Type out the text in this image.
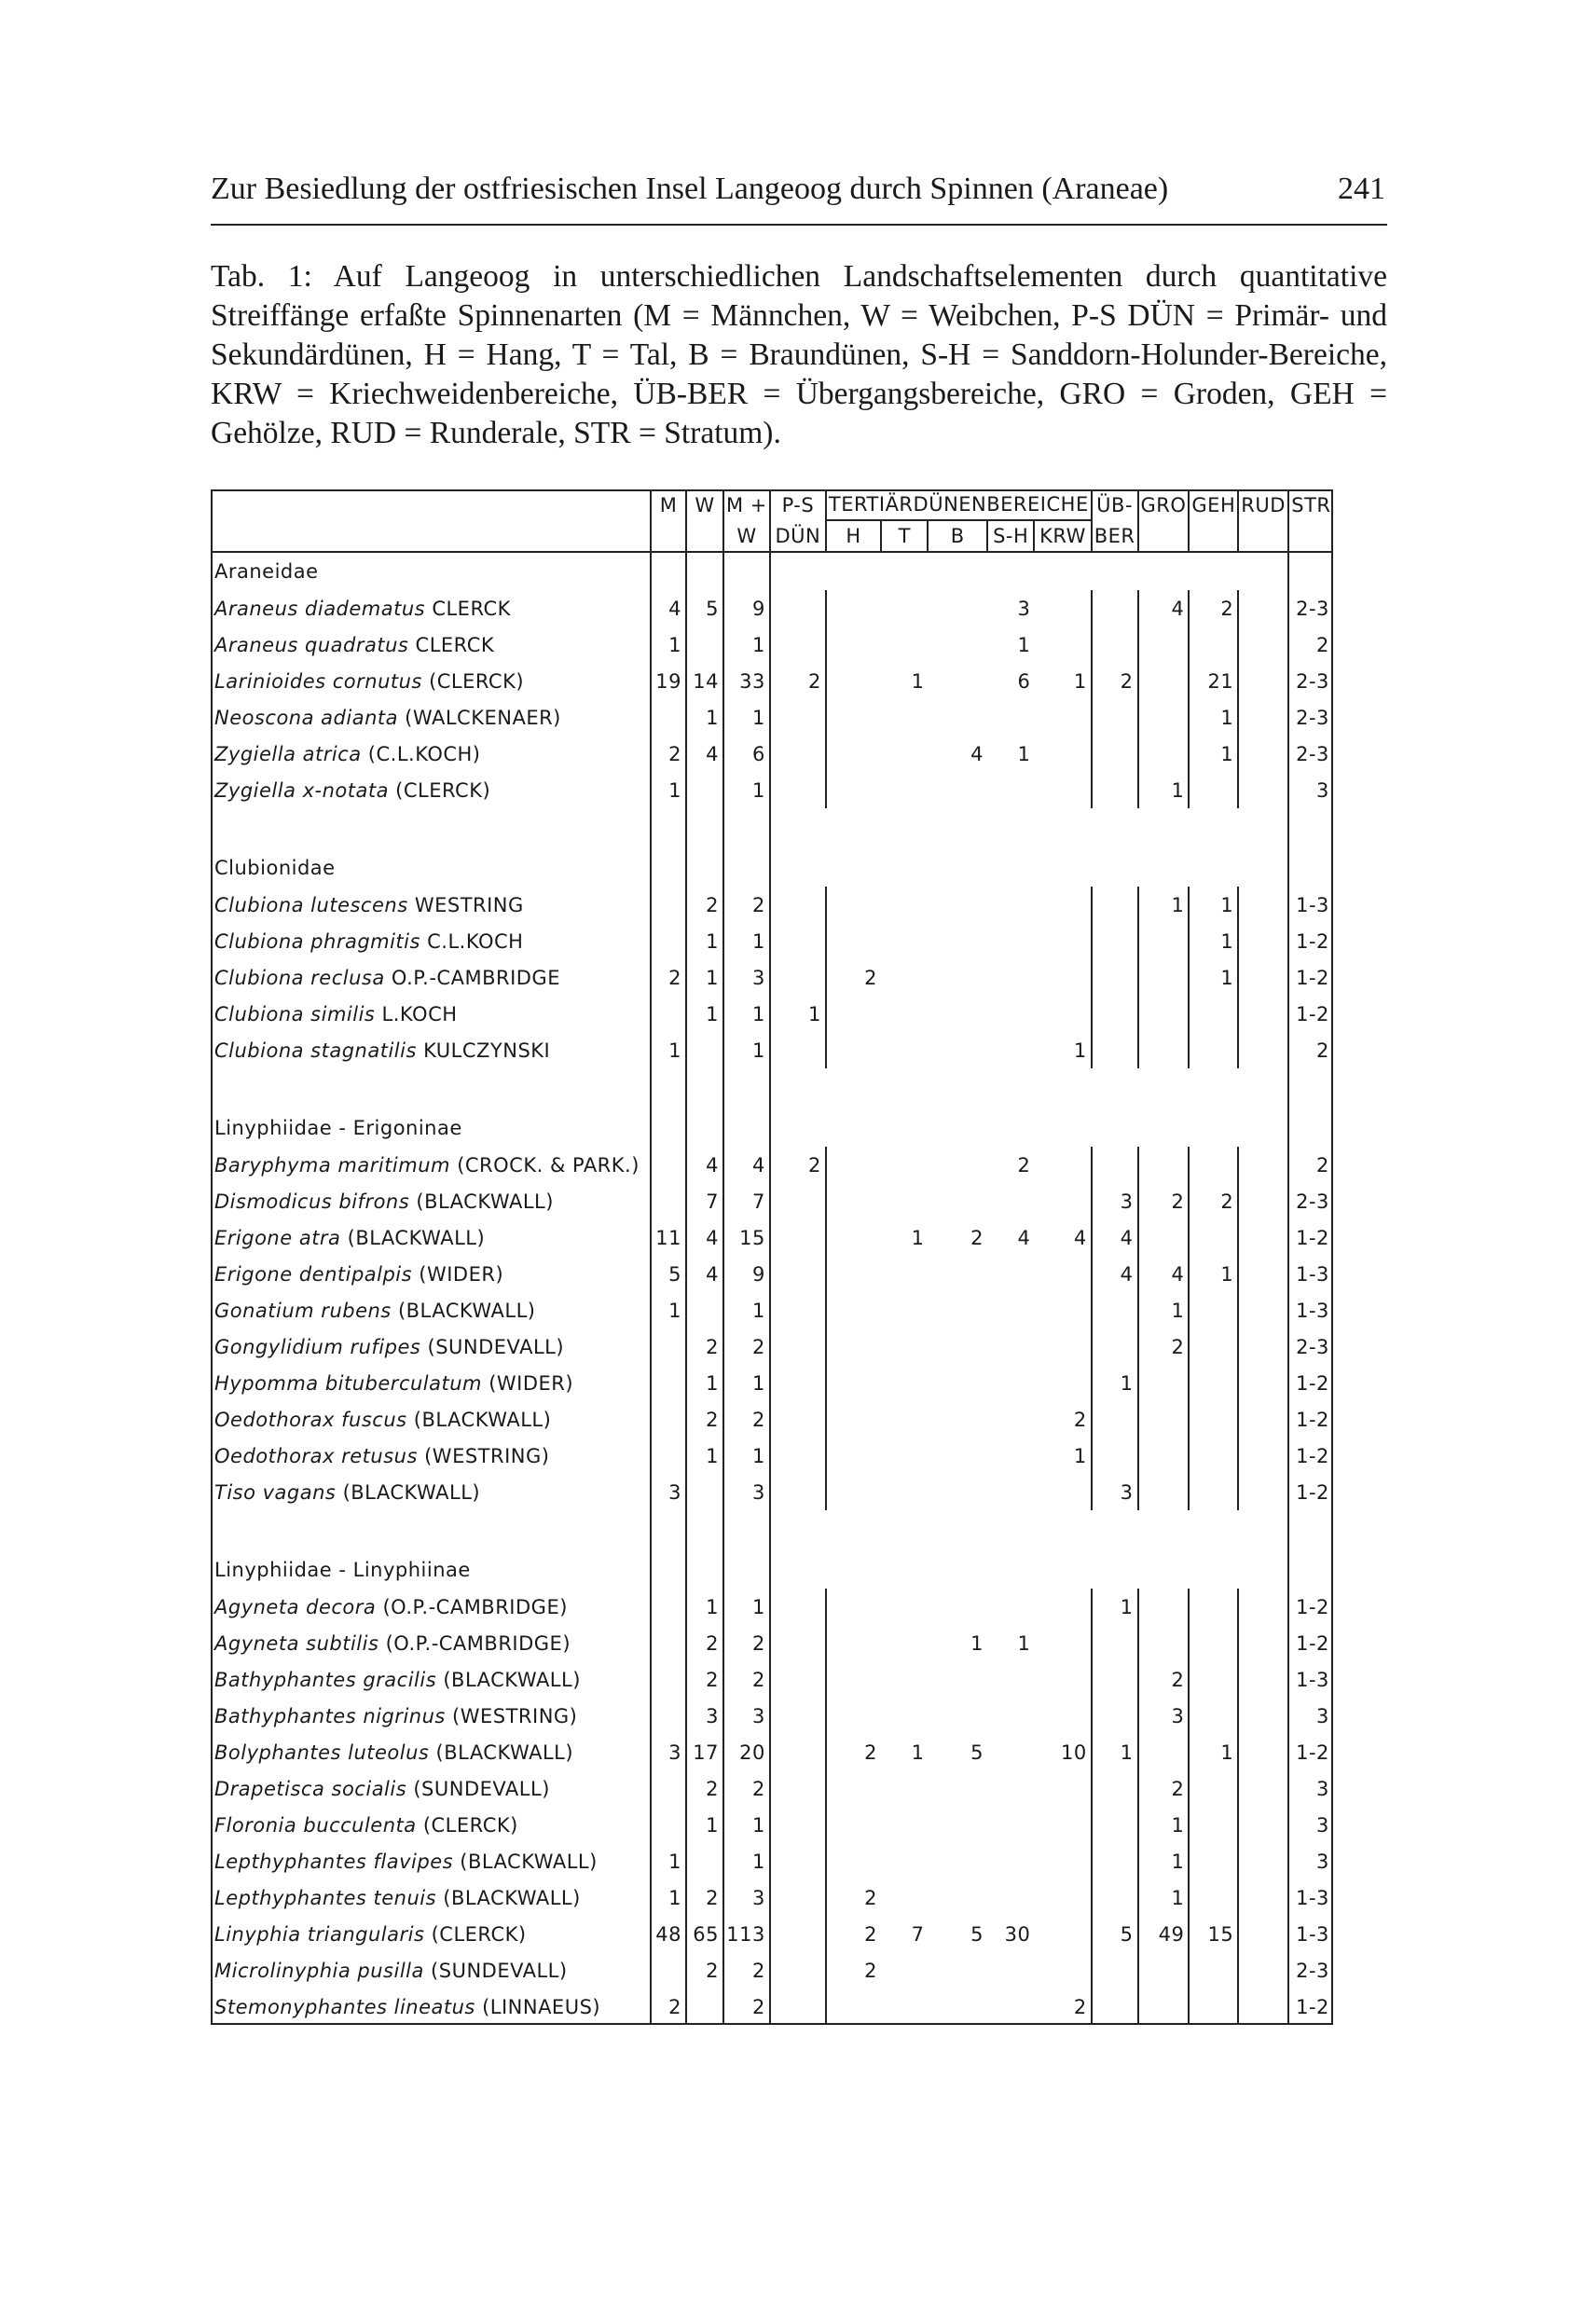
Zur Besiedlung der ostfriesischen Insel Langeoog durch Spinnen (Araneae)	241
Tab. 1: Auf Langeoog in unterschiedlichen Landschaftselementen durch quantitative Streiffänge erfaßte Spinnenarten (M = Männchen, W = Weibchen, P-S DÜN = Primär- und Sekundärdünen, H = Hang, T = Tal, B = Braundünen, S-H = Sanddorn-Holunder-Bereiche, KRW = Kriechweidenbereiche, ÜB-BER = Übergangsbereiche, GRO = Groden, GEH = Gehölze, RUD = Runderale, STR = Stratum).
	M	W	M +	P-S	TERTIÄRDÜNENBEREICHE					ÜB-	GRO	GEH	RUD	STR
			W	DÜN	H	T	B	S-H	KRW	BER				
Araneidae														
Araneus diadematus CLERCK	4	5	9					3			4	2		2-3
Araneus quadratus CLERCK	1		1					1						2
Larinioides cornutus (CLERCK)	19	14	33	2		1		6	1	2		21		2-3
Neoscona adianta (WALCKENAER)		1	1									1		2-3
Zygiella atrica (C.L.KOCH)	2	4	6				4	1				1		2-3
Zygiella x-notata (CLERCK)	1		1								1			3

Clubionidae														
Clubiona lutescens WESTRING		2	2								1	1		1-3
Clubiona phragmitis C.L.KOCH		1	1									1		1-2
Clubiona reclusa O.P.-CAMBRIDGE	2	1	3		2							1		1-2
Clubiona similis L.KOCH		1	1	1										1-2
Clubiona stagnatilis KULCZYNSKI	1		1						1					2

Linyphiidae - Erigoninae														
Baryphyma maritimum (CROCK. & PARK.)		4	4	2				2						2
Dismodicus bifrons (BLACKWALL)		7	7							3	2	2		2-3
Erigone atra (BLACKWALL)	11	4	15			1	2	4	4	4				1-2
Erigone dentipalpis (WIDER)	5	4	9							4	4	1		1-3
Gonatium rubens (BLACKWALL)	1		1								1			1-3
Gongylidium rufipes (SUNDEVALL)		2	2								2			2-3
Hypomma bituberculatum (WIDER)		1	1							1				1-2
Oedothorax fuscus (BLACKWALL)		2	2						2					1-2
Oedothorax retusus (WESTRING)		1	1						1					1-2
Tiso vagans (BLACKWALL)	3		3							3				1-2

Linyphiidae - Linyphiinae														
Agyneta decora (O.P.-CAMBRIDGE)		1	1							1				1-2
Agyneta subtilis (O.P.-CAMBRIDGE)		2	2				1	1						1-2
Bathyphantes gracilis (BLACKWALL)		2	2								2			1-3
Bathyphantes nigrinus (WESTRING)		3	3								3			3
Bolyphantes luteolus (BLACKWALL)	3	17	20		2	1	5		10	1		1		1-2
Drapetisca socialis (SUNDEVALL)		2	2								2			3
Floronia bucculenta (CLERCK)		1	1								1			3
Lepthyphantes flavipes (BLACKWALL)	1		1								1			3
Lepthyphantes tenuis (BLACKWALL)	1	2	3		2						1			1-3
Linyphia triangularis (CLERCK)	48	65	113		2	7	5	30		5	49	15		1-3
Microlinyphia pusilla (SUNDEVALL)		2	2		2									2-3
Stemonyphantes lineatus (LINNAEUS)	2		2						2					1-2
